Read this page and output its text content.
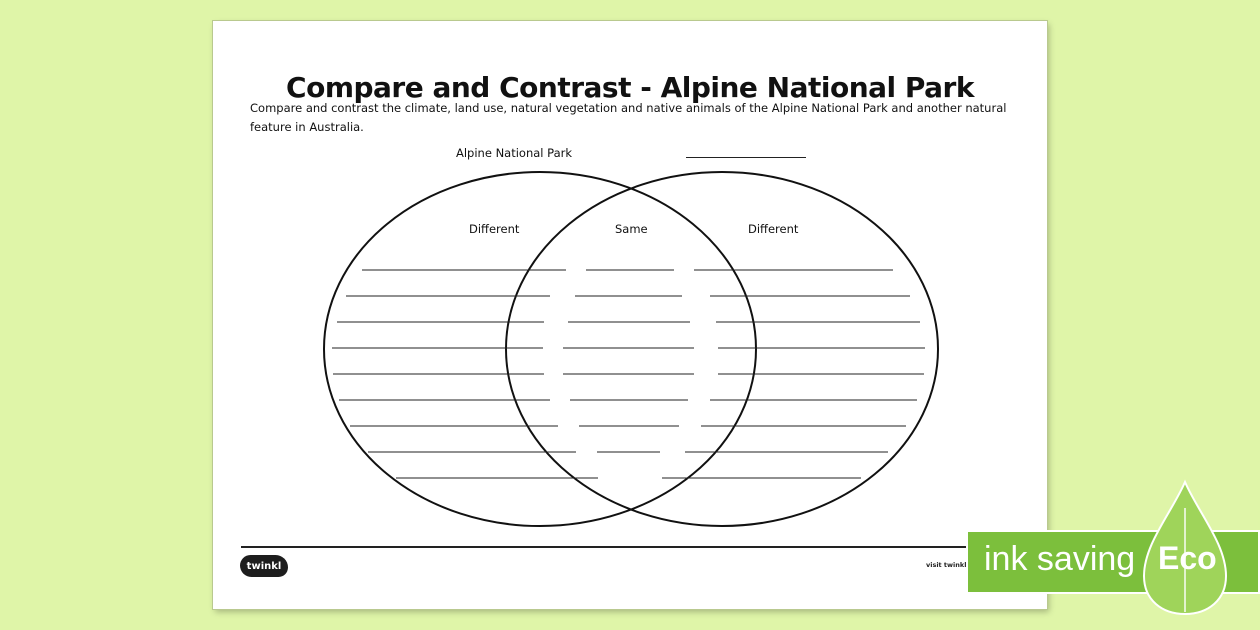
Compare and Contrast - Alpine National Park
Compare and contrast the climate, land use, natural vegetation and native animals of the Alpine National Park and another natural feature in Australia.
Alpine National Park
Different	Same	Different
twinkl	visit twinkl ink saving Eco
